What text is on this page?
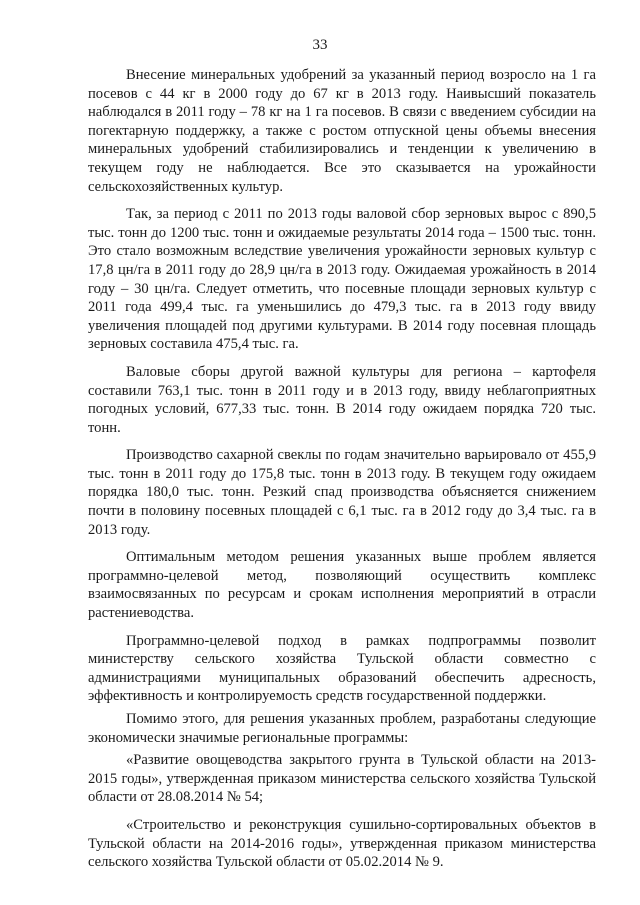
33

Внесение минеральных удобрений за указанный период возросло на 1 га посевов с 44 кг в 2000 году до 67 кг в 2013 году. Наивысший показатель наблюдался в 2011 году – 78 кг на 1 га посевов. В связи с введением субсидии на погектарную поддержку, а также с ростом отпускной цены объемы внесения минеральных удобрений стабилизировались и тенденции к увеличению в текущем году не наблюдается. Все это сказывается на урожайности сельскохозяйственных культур.

Так, за период с 2011 по 2013 годы валовой сбор зерновых вырос с 890,5 тыс. тонн до 1200 тыс. тонн и ожидаемые результаты 2014 года – 1500 тыс. тонн. Это стало возможным вследствие увеличения урожайности зерновых культур с 17,8 цн/га в 2011 году до 28,9 цн/га в 2013 году. Ожидаемая урожайность в 2014 году – 30 цн/га. Следует отметить, что посевные площади зерновых культур с 2011 года 499,4 тыс. га уменьшились до 479,3 тыс. га в 2013 году ввиду увеличения площадей под другими культурами. В 2014 году посевная площадь зерновых составила 475,4 тыс. га.

Валовые сборы другой важной культуры для региона – картофеля составили 763,1 тыс. тонн в 2011 году и в 2013 году, ввиду неблагоприятных погодных условий, 677,33 тыс. тонн. В 2014 году ожидаем порядка 720 тыс. тонн.

Производство сахарной свеклы по годам значительно варьировало от 455,9 тыс. тонн в 2011 году до 175,8 тыс. тонн в 2013 году. В текущем году ожидаем порядка 180,0 тыс. тонн. Резкий спад производства объясняется снижением почти в половину посевных площадей с 6,1 тыс. га в 2012 году до 3,4 тыс. га в 2013 году.

Оптимальным методом решения указанных выше проблем является программно-целевой метод, позволяющий осуществить комплекс взаимосвязанных по ресурсам и срокам исполнения мероприятий в отрасли растениеводства.

Программно-целевой подход в рамках подпрограммы позволит министерству сельского хозяйства Тульской области совместно с администрациями муниципальных образований обеспечить адресность, эффективность и контролируемость средств государственной поддержки.

Помимо этого, для решения указанных проблем, разработаны следующие экономически значимые региональные программы:

«Развитие овощеводства закрытого грунта в Тульской области на 2013-2015 годы», утвержденная приказом министерства сельского хозяйства Тульской области от 28.08.2014 № 54;

«Строительство и реконструкция сушильно-сортировальных объектов в Тульской области на 2014-2016 годы», утвержденная приказом министерства сельского хозяйства Тульской области от 05.02.2014 № 9.
